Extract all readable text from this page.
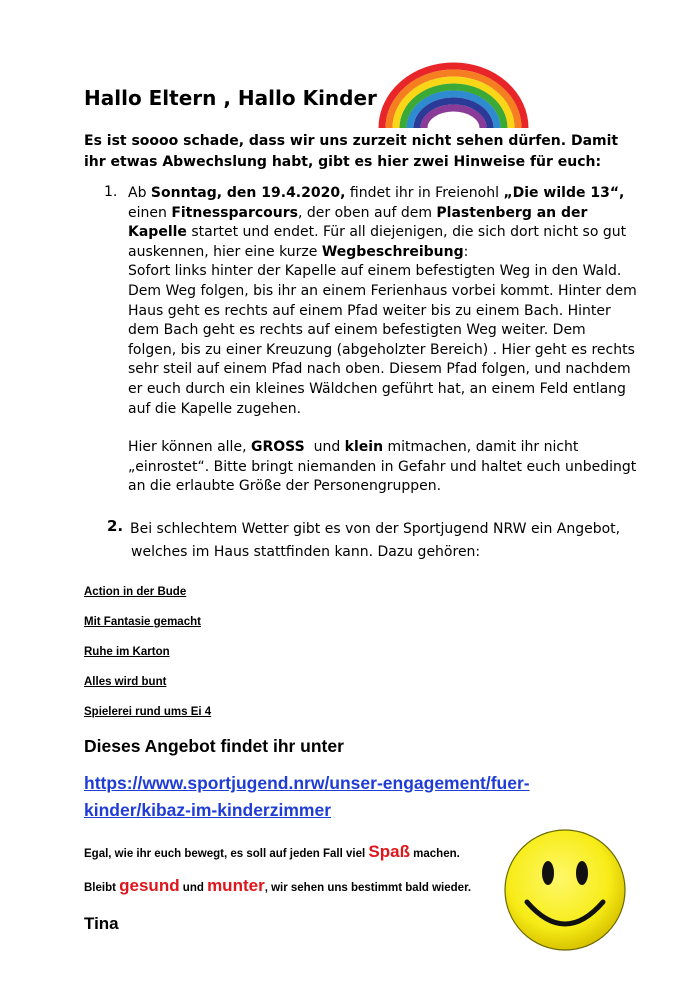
Hallo Eltern , Hallo Kinder
Es ist soooo schade, dass wir uns zurzeit nicht sehen dürfen. Damit ihr etwas Abwechslung habt, gibt es hier zwei Hinweise für euch:
1. Ab Sonntag, den 19.4.2020, findet ihr in Freienohl „Die wilde 13“, einen Fitnessparcours, der oben auf dem Plastenberg an der Kapelle startet und endet. Für all diejenigen, die sich dort nicht so gut auskennen, hier eine kurze Wegbeschreibung:
Sofort links hinter der Kapelle auf einem befestigten Weg in den Wald. Dem Weg folgen, bis ihr an einem Ferienhaus vorbei kommt. Hinter dem Haus geht es rechts auf einem Pfad weiter bis zu einem Bach. Hinter dem Bach geht es rechts auf einem befestigten Weg weiter. Dem folgen, bis zu einer Kreuzung (abgeholzter Bereich) . Hier geht es rechts sehr steil auf einem Pfad nach oben. Diesem Pfad folgen, und nachdem er euch durch ein kleines Wäldchen geführt hat, an einem Feld entlang auf die Kapelle zugehen.

Hier können alle, GROSS  und klein mitmachen, damit ihr nicht „einrostet“. Bitte bringt niemanden in Gefahr und haltet euch unbedingt an die erlaubte Größe der Personengruppen.

2. Bei schlechtem Wetter gibt es von der Sportjugend NRW ein Angebot,
welches im Haus stattfinden kann. Dazu gehören:
Action in der Bude
Mit Fantasie gemacht
Ruhe im Karton
Alles wird bunt
Spielerei rund ums Ei 4
Dieses Angebot findet ihr unter
https://www.sportjugend.nrw/unser-engagement/fuer-kinder/kibaz-im-kinderzimmer
Egal, wie ihr euch bewegt, es soll auf jeden Fall viel Spaß machen.
Bleibt gesund und munter, wir sehen uns bestimmt bald wieder.
Tina
